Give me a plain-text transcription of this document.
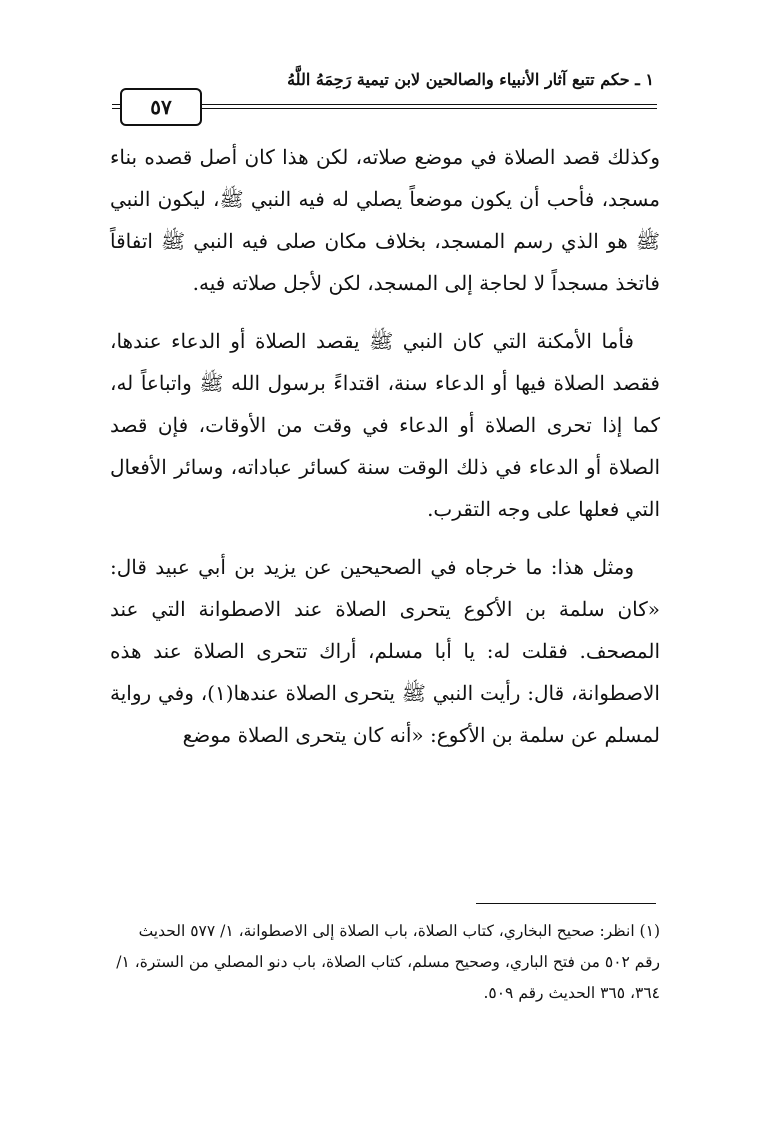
١ ـ حكم تتبع آثار الأنبياء والصالحين لابن تيمية رَحِمَهُ اللَّهُ
٥٧

وكذلك قصد الصلاة في موضع صلاته، لكن هذا كان أصل قصده بناء مسجد، فأحب أن يكون موضعاً يصلي له فيه النبي ﷺ، ليكون النبي ﷺ هو الذي رسم المسجد، بخلاف مكان صلى فيه النبي ﷺ اتفاقاً فاتخذ مسجداً لا لحاجة إلى المسجد، لكن لأجل صلاته فيه.

فأما الأمكنة التي كان النبي ﷺ يقصد الصلاة أو الدعاء عندها، فقصد الصلاة فيها أو الدعاء سنة، اقتداءً برسول الله ﷺ واتباعاً له، كما إذا تحرى الصلاة أو الدعاء في وقت من الأوقات، فإن قصد الصلاة أو الدعاء في ذلك الوقت سنة كسائر عباداته، وسائر الأفعال التي فعلها على وجه التقرب.

ومثل هذا: ما خرجاه في الصحيحين عن يزيد بن أبي عبيد قال: «كان سلمة بن الأكوع يتحرى الصلاة عند الاصطوانة التي عند المصحف. فقلت له: يا أبا مسلم، أراك تتحرى الصلاة عند هذه الاصطوانة، قال: رأيت النبي ﷺ يتحرى الصلاة عندها(١)، وفي رواية لمسلم عن سلمة بن الأكوع: «أنه كان يتحرى الصلاة موضع

(١) انظر: صحيح البخاري، كتاب الصلاة، باب الصلاة إلى الاصطوانة، ١/ ٥٧٧ الحديث رقم ٥٠٢ من فتح الباري، وصحيح مسلم، كتاب الصلاة، باب دنو المصلي من السترة، ١/ ٣٦٤، ٣٦٥ الحديث رقم ٥٠٩.
